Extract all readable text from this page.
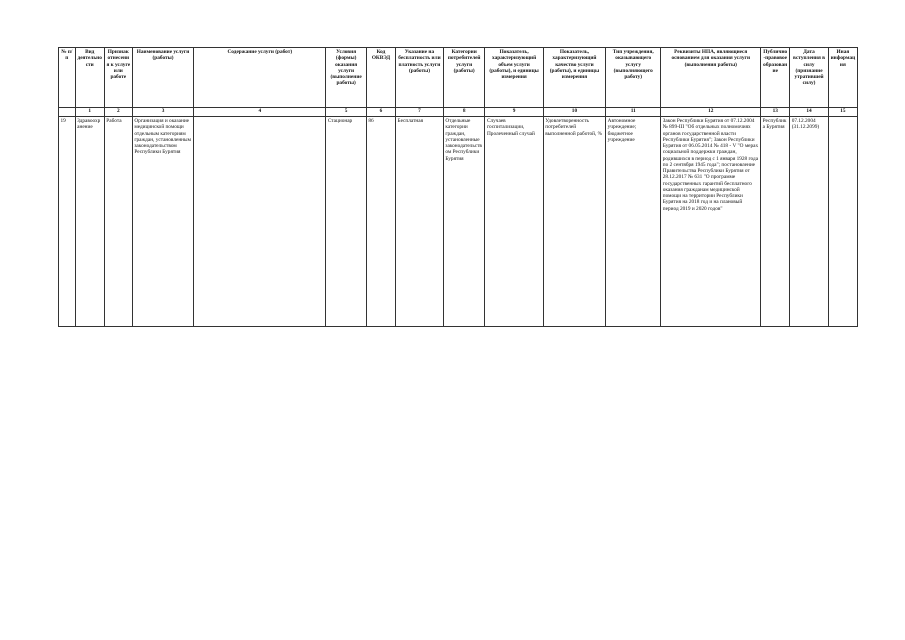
№ п/п	Вид деятельности	Признак отнесения к услуге или работе	Наименование услуги (работы)	Содержание услуги (работ)	Условия (формы) оказания услуги (выполнение работы)	Код ОКВЭД	Указание на бесплатность или платность услуги (работы)	Категории потребителей услуги (работы)	Показатель, характеризующий объем услуги (работы), и единицы измерения	Показатель, характеризующий качество услуги (работы), и единицы измерения	Тип учреждения, оказывающего услугу (выполняющего работу)	Реквизиты НПА, являющиеся основанием для оказания услуги (выполнения работы)	Публично-правовое образование	Дата вступления в силу (признание утратившей силу)	Иная информация
	1	2	3	4	5	6	7	8	9	10	11	12	13	14	15
19	Здравоохранение	Работа	Организация и оказание медицинской помощи отдельным категориям граждан, установленным законодательством Республики Бурятия		Стационар	86	Бесплатная	Отдельные категории граждан, установленные законодательством Республики Бурятия	Случаев госпитализации, Пролеченный случай	Удовлетворенность потребителей выполненной работой, %	Автономное учреждение; бюджетное учреждение	Закон Республики Бурятия от 07.12.2004 № 899-III "Об отдельных полномочиях органов государственной власти Республики Бурятия"; Закон Республики Бурятия от 06.05.2014 № 418 - V "О мерах социальной поддержки граждан, родившихся в период с 1 января 1928 года по 2 сентября 1945 года"; постановление Правительства Республики Бурятия от 28.12.2017 № 631 "О программе государственных гарантий бесплатного оказания гражданам медицинской помощи на территории Республики Бурятия на 2018 год и на плановый период 2019 и 2020 годов"	Республика Бурятия	07.12.2004 (31.12.2099)	
